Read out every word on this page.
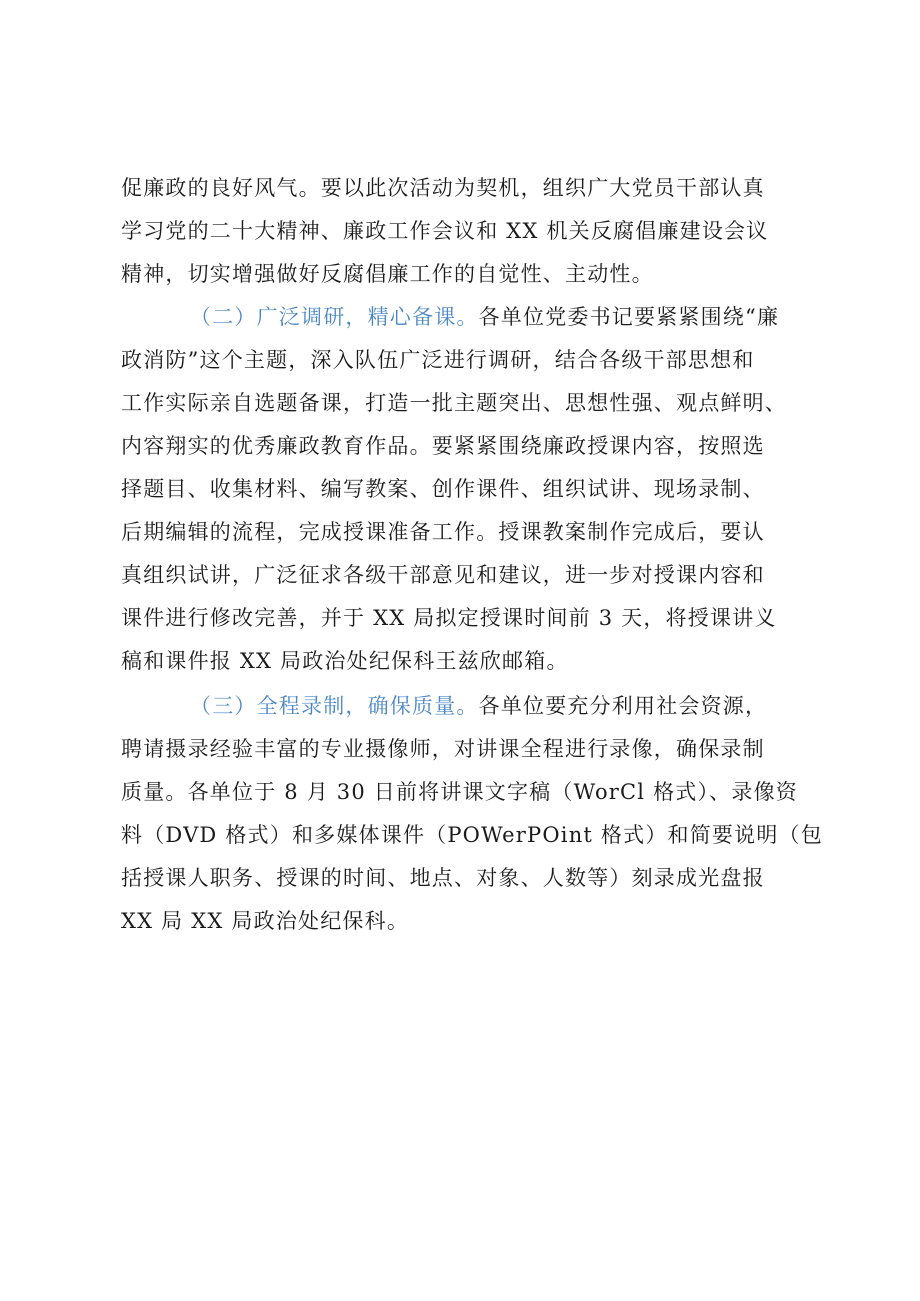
促廉政的良好风气。要以此次活动为契机，组织广大党员干部认真
学习党的二十大精神、廉政工作会议和 XX 机关反腐倡廉建设会议
精神，切实增强做好反腐倡廉工作的自觉性、主动性。
（二）广泛调研，精心备课。各单位党委书记要紧紧围绕“廉
政消防”这个主题，深入队伍广泛进行调研，结合各级干部思想和
工作实际亲自选题备课，打造一批主题突出、思想性强、观点鲜明、
内容翔实的优秀廉政教育作品。要紧紧围绕廉政授课内容，按照选
择题目、收集材料、编写教案、创作课件、组织试讲、现场录制、
后期编辑的流程，完成授课准备工作。授课教案制作完成后，要认
真组织试讲，广泛征求各级干部意见和建议，进一步对授课内容和
课件进行修改完善，并于 XX 局拟定授课时间前 3 天，将授课讲义
稿和课件报 XX 局政治处纪保科王兹欣邮箱。
（三）全程录制，确保质量。各单位要充分利用社会资源，
聘请摄录经验丰富的专业摄像师，对讲课全程进行录像，确保录制
质量。各单位于 8 月 30 日前将讲课文字稿（WorCl 格式）、录像资
料（DVD 格式）和多媒体课件（POWerPOint 格式）和简要说明（包
括授课人职务、授课的时间、地点、对象、人数等）刻录成光盘报
XX 局 XX 局政治处纪保科。
